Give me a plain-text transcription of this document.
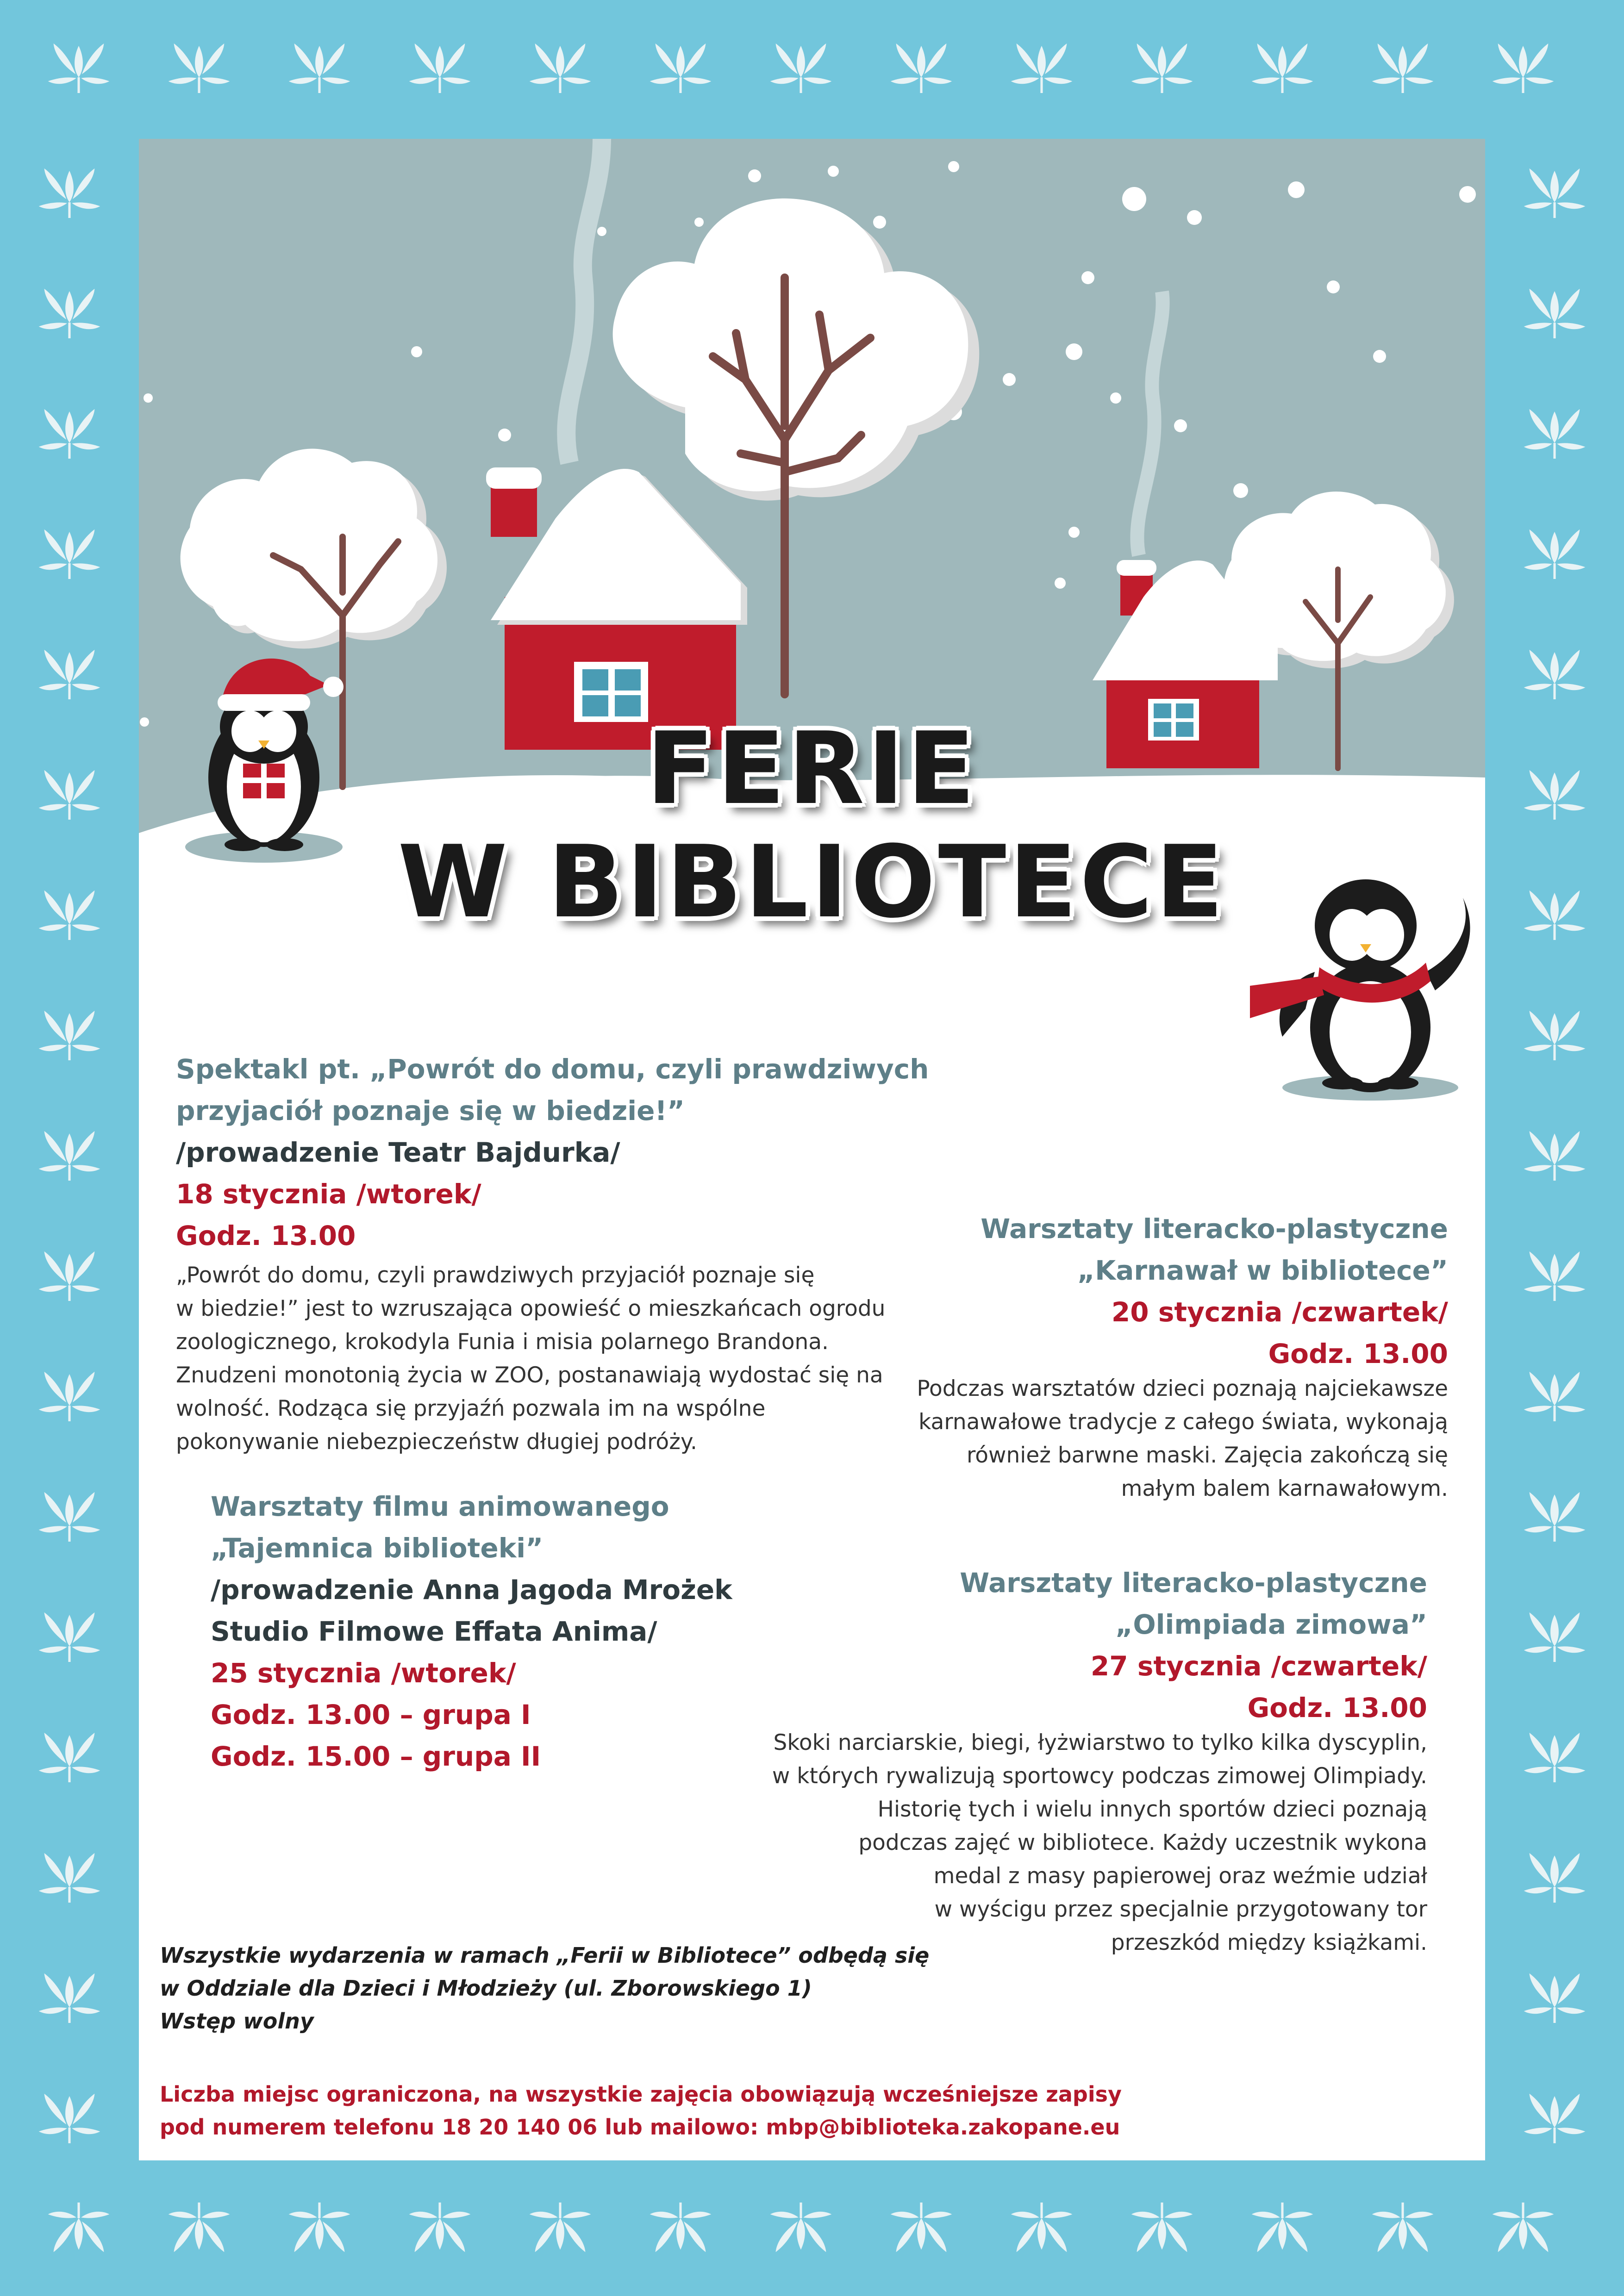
FERIE
W BIBLIOTECE
Spektakl pt. „Powrót do domu, czyli prawdziwych
przyjaciół poznaje się w biedzie!”
/prowadzenie Teatr Bajdurka/
18 stycznia /wtorek/
Godz. 13.00
„Powrót do domu, czyli prawdziwych przyjaciół poznaje się
w biedzie!” jest to wzruszająca opowieść o mieszkańcach ogrodu
zoologicznego, krokodyla Funia i misia polarnego Brandona.
Znudzeni monotonią życia w ZOO, postanawiają wydostać się na
wolność. Rodząca się przyjaźń pozwala im na wspólne
pokonywanie niebezpieczeństw długiej podróży.
Warsztaty literacko-plastyczne
„Karnawał w bibliotece”
20 stycznia /czwartek/
Godz. 13.00
Podczas warsztatów dzieci poznają najciekawsze
karnawałowe tradycje z całego świata, wykonają
również barwne maski. Zajęcia zakończą się
małym balem karnawałowym.
Warsztaty filmu animowanego
„Tajemnica biblioteki”
/prowadzenie Anna Jagoda Mrożek
Studio Filmowe Effata Anima/
25 stycznia /wtorek/
Godz. 13.00 – grupa I
Godz. 15.00 – grupa II
Warsztaty literacko-plastyczne
„Olimpiada zimowa”
27 stycznia /czwartek/
Godz. 13.00
Skoki narciarskie, biegi, łyżwiarstwo to tylko kilka dyscyplin,
w których rywalizują sportowcy podczas zimowej Olimpiady.
Historię tych i wielu innych sportów dzieci poznają
podczas zajęć w bibliotece. Każdy uczestnik wykona
medal z masy papierowej oraz weźmie udział
w wyścigu przez specjalnie przygotowany tor
przeszkód między książkami.
Wszystkie wydarzenia w ramach „Ferii w Bibliotece” odbędą się
w Oddziale dla Dzieci i Młodzieży (ul. Zborowskiego 1)
Wstęp wolny
Liczba miejsc ograniczona, na wszystkie zajęcia obowiązują wcześniejsze zapisy
pod numerem telefonu 18 20 140 06 lub mailowo: mbp@biblioteka.zakopane.eu
